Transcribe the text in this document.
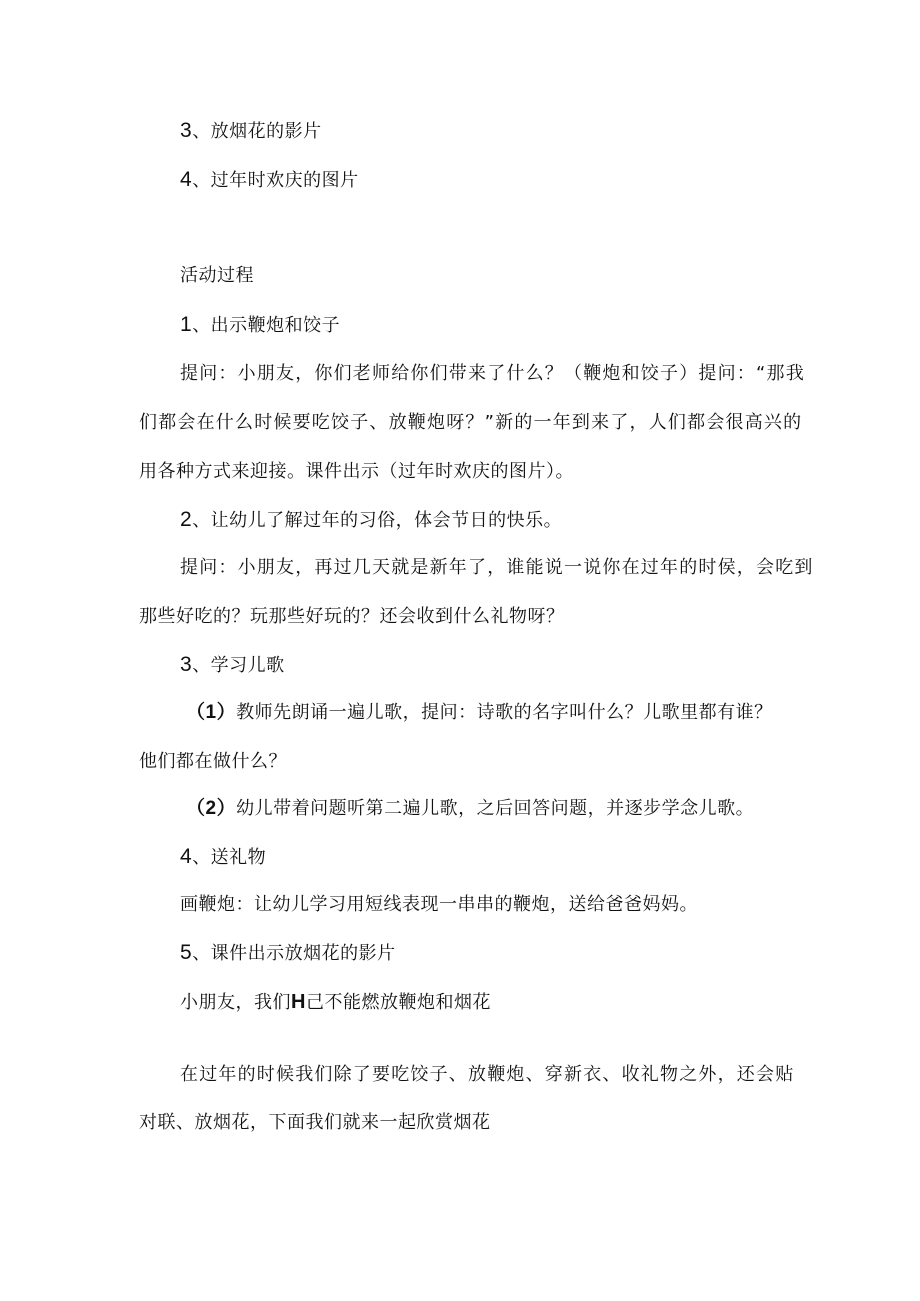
3、放烟花的影片
4、过年时欢庆的图片
活动过程
1、出示鞭炮和饺子
提问：小朋友，你们老师给你们带来了什么？（鞭炮和饺子）提问：“那我
们都会在什么时候要吃饺子、放鞭炮呀？”新的一年到来了，人们都会很高兴的
用各种方式来迎接。课件出示（过年时欢庆的图片）。
2、让幼儿了解过年的习俗，体会节日的快乐。
提问：小朋友，再过几天就是新年了，谁能说一说你在过年的时侯，会吃到
那些好吃的？玩那些好玩的？还会收到什么礼物呀？
3、学习儿歌
（1）教师先朗诵一遍儿歌，提问：诗歌的名字叫什么？儿歌里都有谁？
他们都在做什么？
（2）幼儿带着问题听第二遍儿歌，之后回答问题，并逐步学念儿歌。
4、送礼物
画鞭炮：让幼儿学习用短线表现一串串的鞭炮，送给爸爸妈妈。
5、课件出示放烟花的影片
小朋友，我们H己不能燃放鞭炮和烟花
在过年的时候我们除了要吃饺子、放鞭炮、穿新衣、收礼物之外，还会贴
对联、放烟花，下面我们就来一起欣赏烟花
